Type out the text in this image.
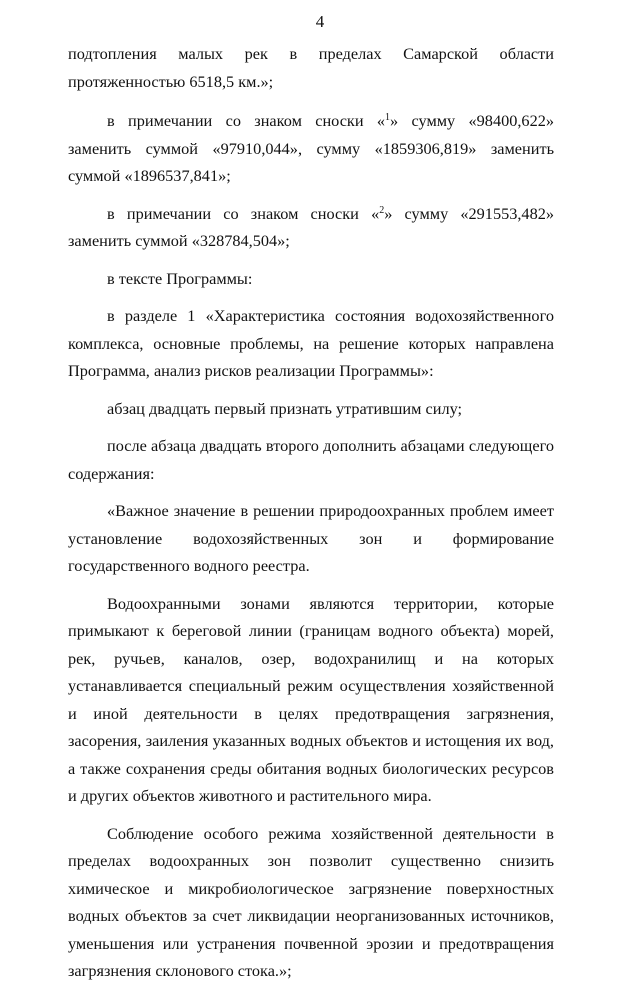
4

подтопления малых рек в пределах Самарской области протяженностью 6518,5 км.»;

в примечании со знаком сноски «$^1$» сумму «98400,622» заменить суммой «97910,044», сумму «1859306,819» заменить суммой «1896537,841»;

в примечании со знаком сноски «$^2$» сумму «291553,482» заменить суммой «328784,504»;

в тексте Программы:

в разделе 1 «Характеристика состояния водохозяйственного комплекса, основные проблемы, на решение которых направлена Программа, анализ рисков реализации Программы»:

абзац двадцать первый признать утратившим силу;

после абзаца двадцать второго дополнить абзацами следующего содержания:

«Важное значение в решении природоохранных проблем имеет установление водохозяйственных зон и формирование государственного водного реестра.

Водоохранными зонами являются территории, которые примыкают к береговой линии (границам водного объекта) морей, рек, ручьев, каналов, озер, водохранилищ и на которых устанавливается специальный режим осуществления хозяйственной и иной деятельности в целях предотвращения загрязнения, засорения, заиления указанных водных объектов и истощения их вод, а также сохранения среды обитания водных биологических ресурсов и других объектов животного и растительного мира.

Соблюдение особого режима хозяйственной деятельности в пределах водоохранных зон позволит существенно снизить химическое и микробиологическое загрязнение поверхностных водных объектов за счет ликвидации неорганизованных источников, уменьшения или устранения почвенной эрозии и предотвращения загрязнения склонового стока.»;
